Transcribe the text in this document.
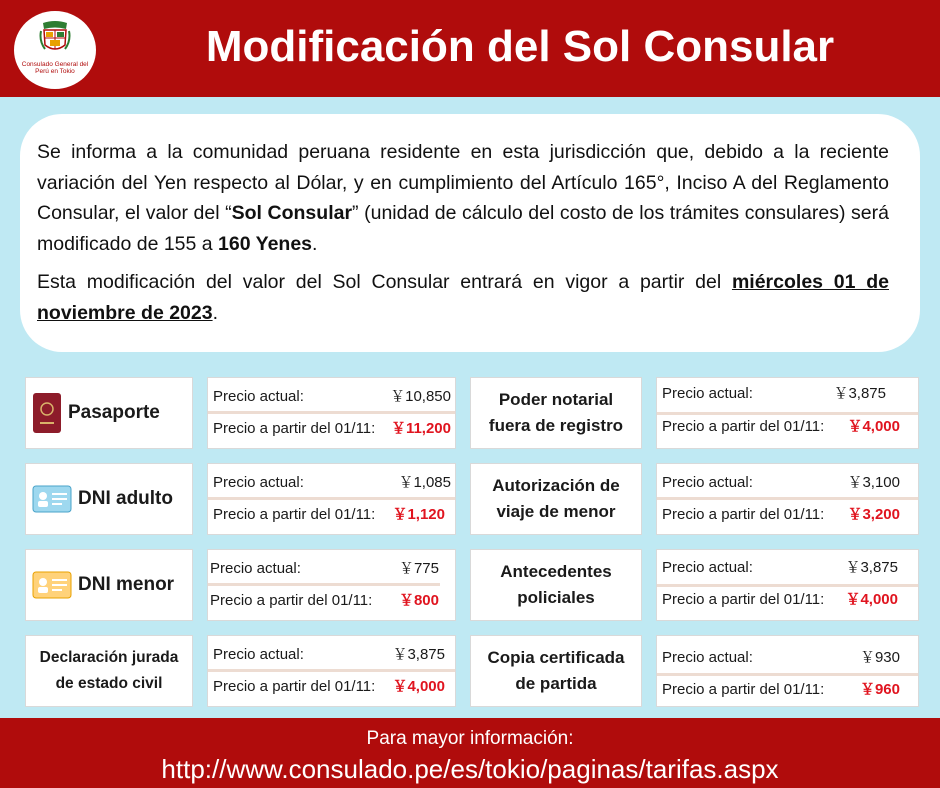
Consulado General del Perú en Tokio
Modificación del Sol Consular

Se informa a la comunidad peruana residente en esta jurisdicción que, debido a la reciente variación del Yen respecto al Dólar, y en cumplimiento del Artículo 165°, Inciso A del Reglamento Consular, el valor del “Sol Consular” (unidad de cálculo del costo de los trámites consulares) será modificado de 155 a 160 Yenes.

Esta modificación del valor del Sol Consular entrará en vigor a partir del miércoles 01 de noviembre de 2023.

Pasaporte
Precio actual:	￥10,850
Precio a partir del 01/11: ￥11,200
Poder notarial
fuera de registro
Precio actual:	￥3,875
Precio a partir del 01/11: ￥4,000
DNI adulto
Precio actual:	￥1,085
Precio a partir del 01/11: ￥1,120
Autorización de
viaje de menor
Precio actual:	￥3,100
Precio a partir del 01/11: ￥3,200
DNI menor
Precio actual:	￥775
Precio a partir del 01/11: ￥800
Antecedentes
policiales
Precio actual:	￥3,875
Precio a partir del 01/11: ￥4,000
Declaración jurada
de estado civil
Precio actual:	￥3,875
Precio a partir del 01/11: ￥4,000
Copia certificada
de partida
Precio actual:	￥930
Precio a partir del 01/11: ￥960
Para mayor información:
http://www.consulado.pe/es/tokio/paginas/tarifas.aspx
